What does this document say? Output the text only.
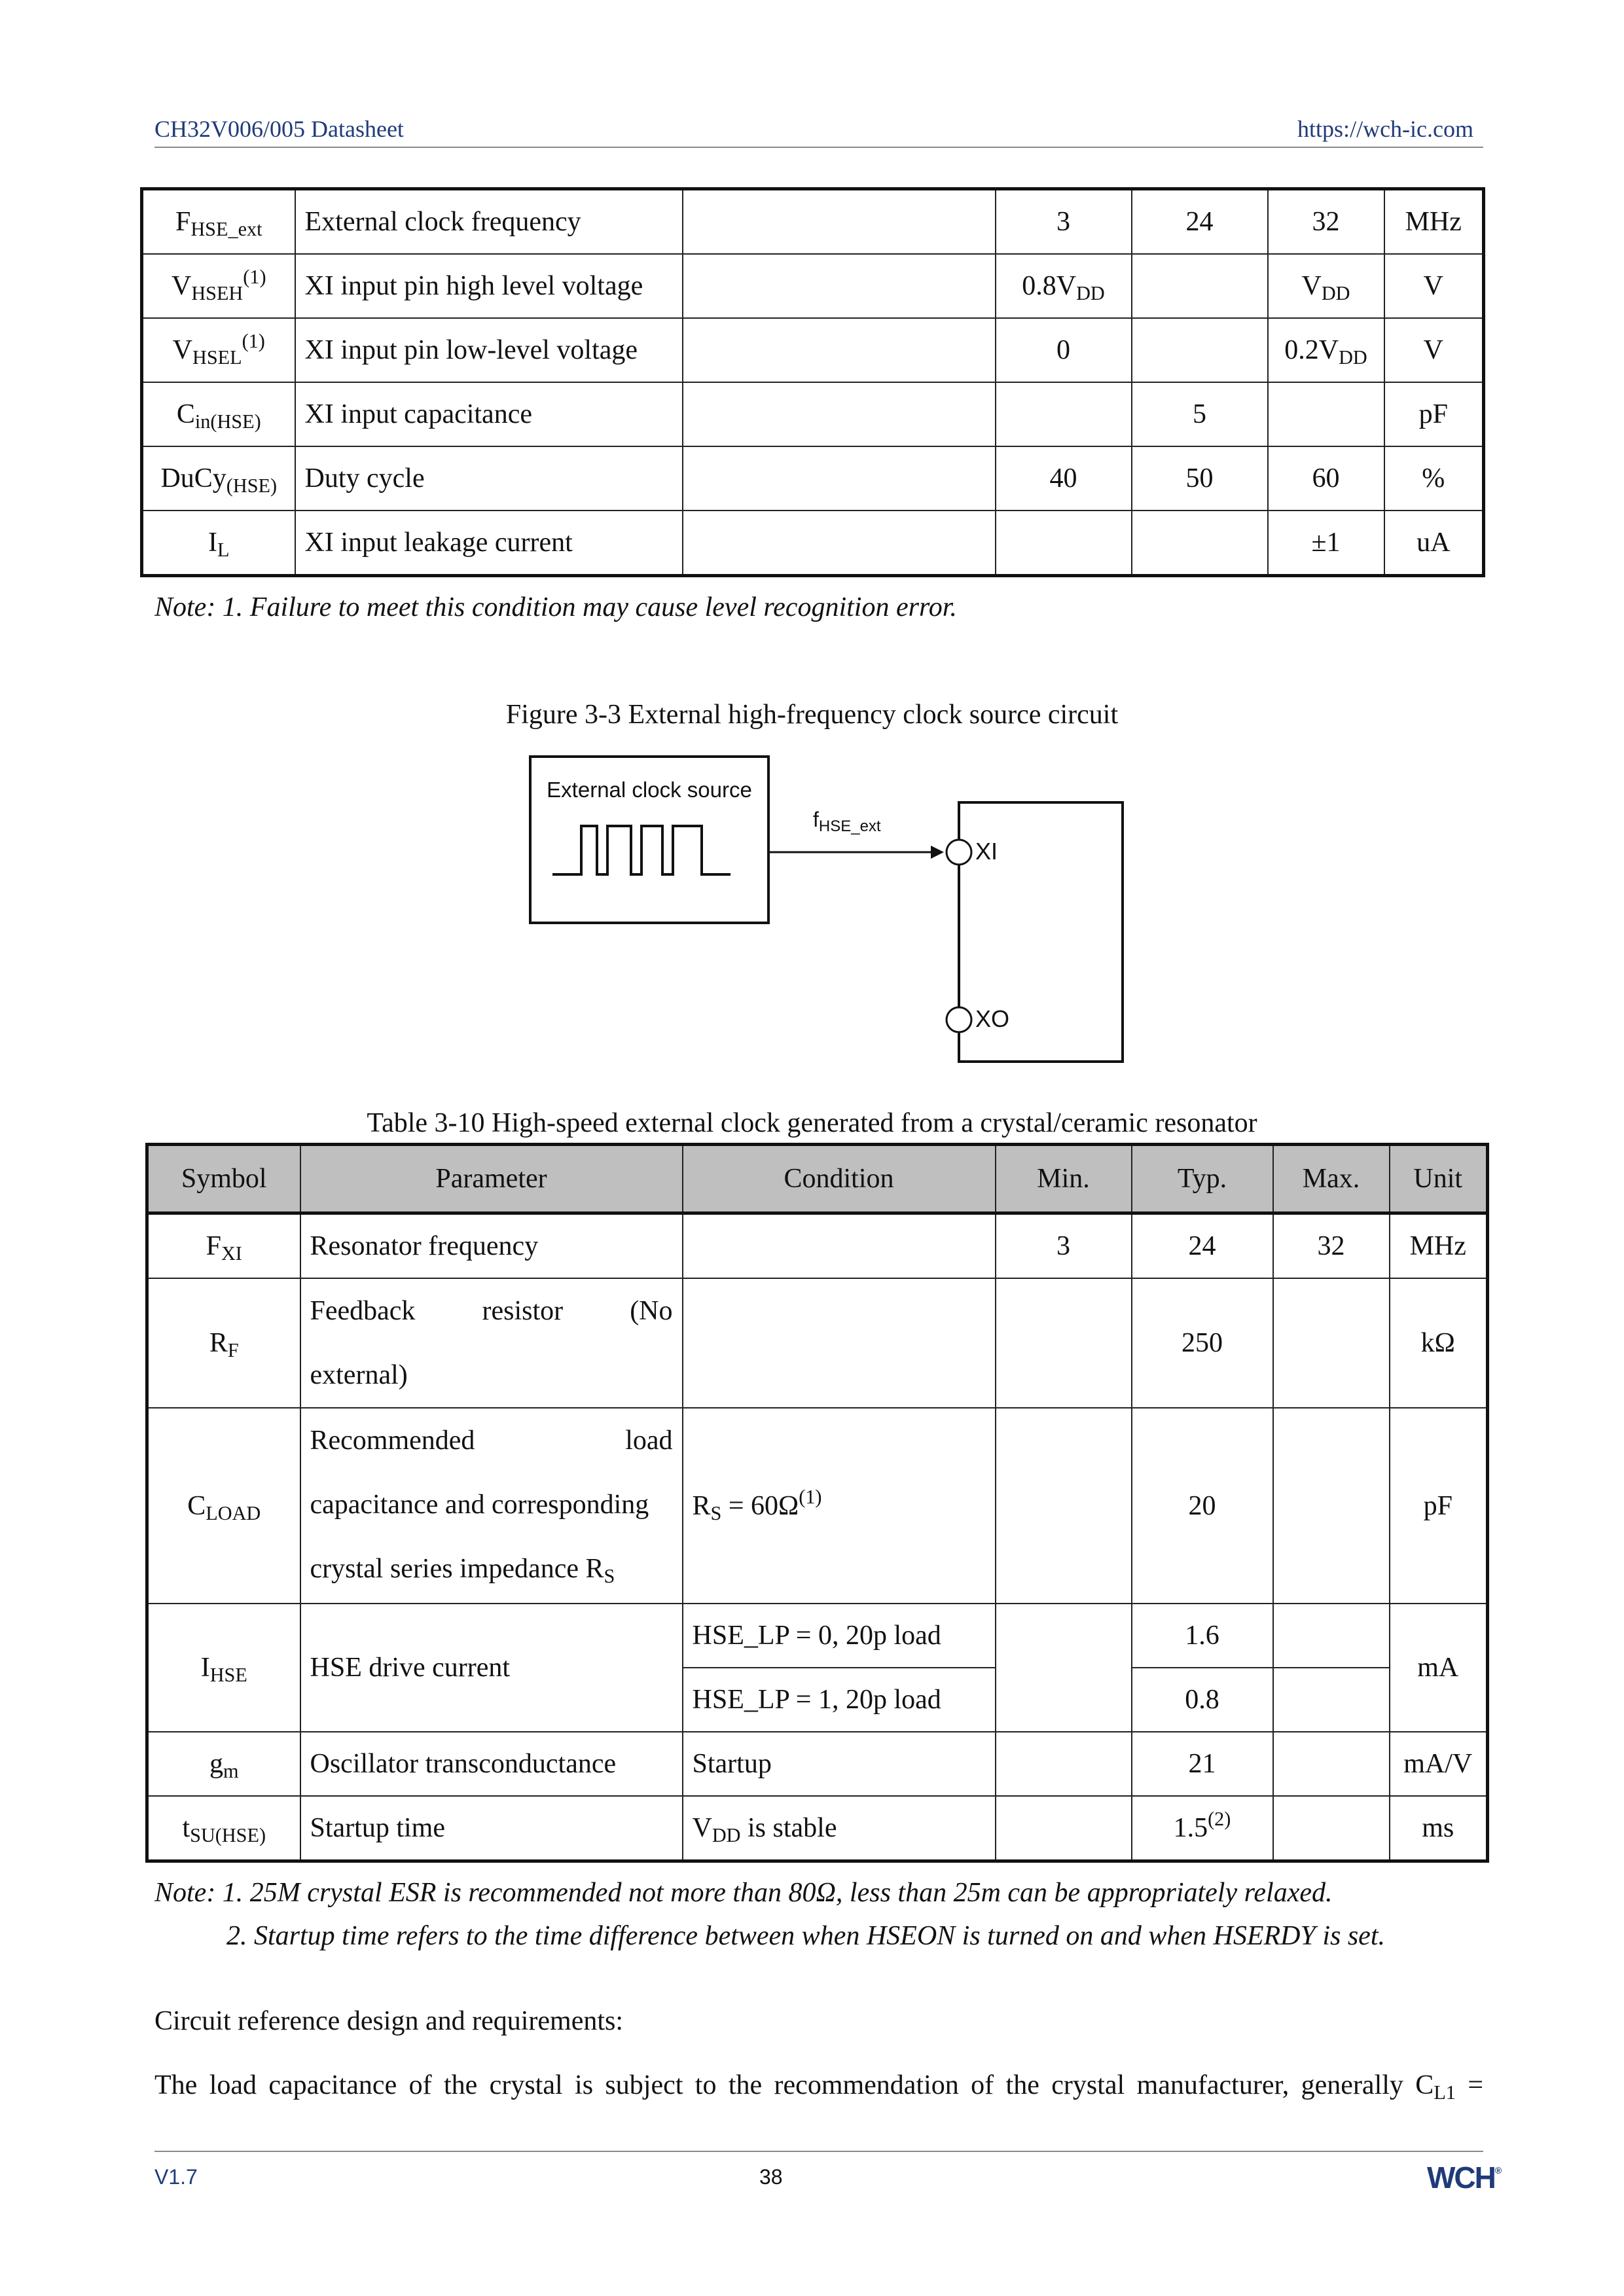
CH32V006/005 Datasheet	https://wch-ic.com
$F_{HSE\_ext}$	External clock frequency		3	24	32	MHz
$V_{HSEH}^{(1)}$	XI input pin high level voltage		$0.8V_{DD}$		$V_{DD}$	V
$V_{HSEL}^{(1)}$	XI input pin low-level voltage		0		$0.2V_{DD}$	V
$C_{in(HSE)}$	XI input capacitance			5		pF
DuCy$_{(HSE)}$	Duty cycle		40	50	60	%
$I_L$	XI input leakage current				±1	uA
Note: 1. Failure to meet this condition may cause level recognition error.
Figure 3-3 External high-frequency clock source circuit
External clock source
$f_{HSE\_ext}$
XI
XO
Table 3-10 High-speed external clock generated from a crystal/ceramic resonator
Symbol	Parameter	Condition	Min.	Typ.	Max.	Unit
$F_{XI}$	Resonator frequency		3	24	32	MHz
$R_F$	Feedback resistor (No
external)			250		kΩ
$C_{LOAD}$	Recommended load
capacitance and corresponding
crystal series impedance $R_S$	$R_S = 60\Omega^{(1)}$		20		pF
$I_{HSE}$	HSE drive current	HSE_LP = 0, 20p load		1.6		mA
		HSE_LP = 1, 20p load		0.8		
$g_m$	Oscillator transconductance	Startup		21		mA/V
$t_{SU(HSE)}$	Startup time	$V_{DD}$ is stable		1.5$^{(2)}$		ms
Note: 1. 25M crystal ESR is recommended not more than 80Ω, less than 25m can be appropriately relaxed.
2. Startup time refers to the time difference between when HSEON is turned on and when HSERDY is set.
Circuit reference design and requirements:
The load capacitance of the crystal is subject to the recommendation of the crystal manufacturer, generally $C_{L1}$ =
V1.7	38	WCH®
